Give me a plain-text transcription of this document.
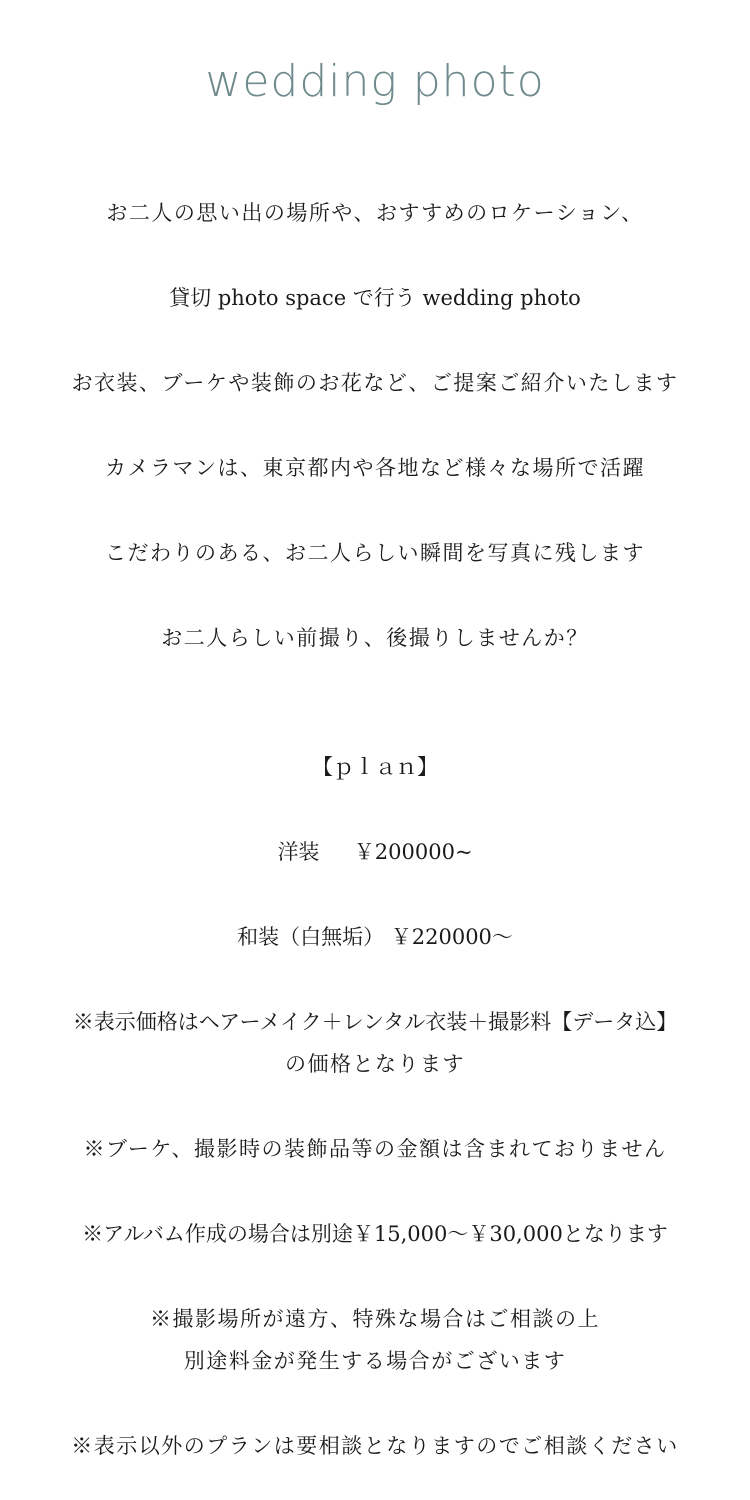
wedding photo
お二人の思い出の場所や、おすすめのロケーション、
貸切 photo space で行う wedding photo
お衣装、ブーケや装飾のお花など、ご提案ご紹介いたします
カメラマンは、東京都内や各地など様々な場所で活躍
こだわりのある、お二人らしい瞬間を写真に残します
お二人らしい前撮り、後撮りしませんか？
【ｐｌａｎ】
洋装 　 ￥200000~
和装（白無垢） ￥220000～
※表示価格はヘアーメイク＋レンタル衣装＋撮影料【データ込】
の価格となります
※ブーケ、撮影時の装飾品等の金額は含まれておりません
※アルバム作成の場合は別途￥15,000～￥30,000となります
※撮影場所が遠方、特殊な場合はご相談の上
別途料金が発生する場合がございます
※表示以外のプランは要相談となりますのでご相談ください
